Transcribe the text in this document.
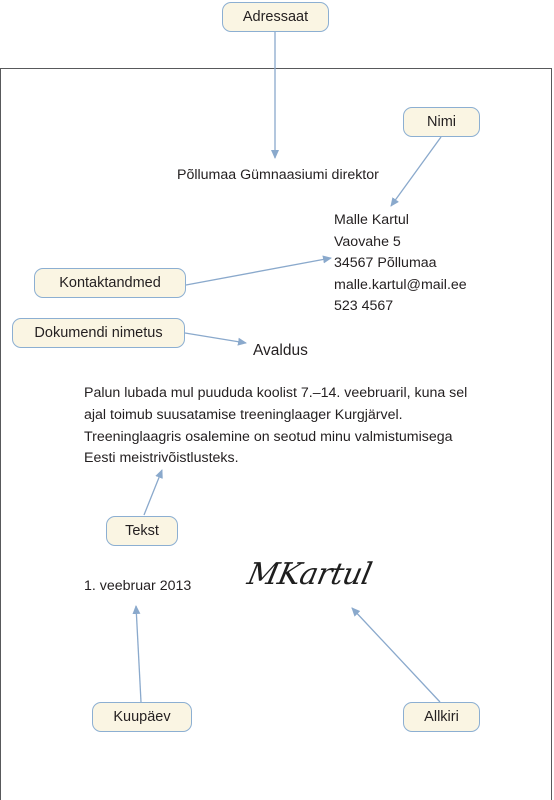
Adressaat
Nimi
Kontaktandmed
Dokumendi nimetus
Tekst
Kuupäev	Allkiri
Põllumaa Gümnaasiumi direktor
Malle Kartul
Vaovahe 5
34567 Põllumaa
malle.kartul@mail.ee
523 4567
Avaldus
Palun lubada mul puududa koolist 7.–14. veebruaril, kuna sel
ajal toimub suusatamise treeninglaager Kurgjärvel.
Treeninglaagris osalemine on seotud minu valmistumisega
Eesti meistrivõistlusteks.
1. veebruar 2013 MKartul
